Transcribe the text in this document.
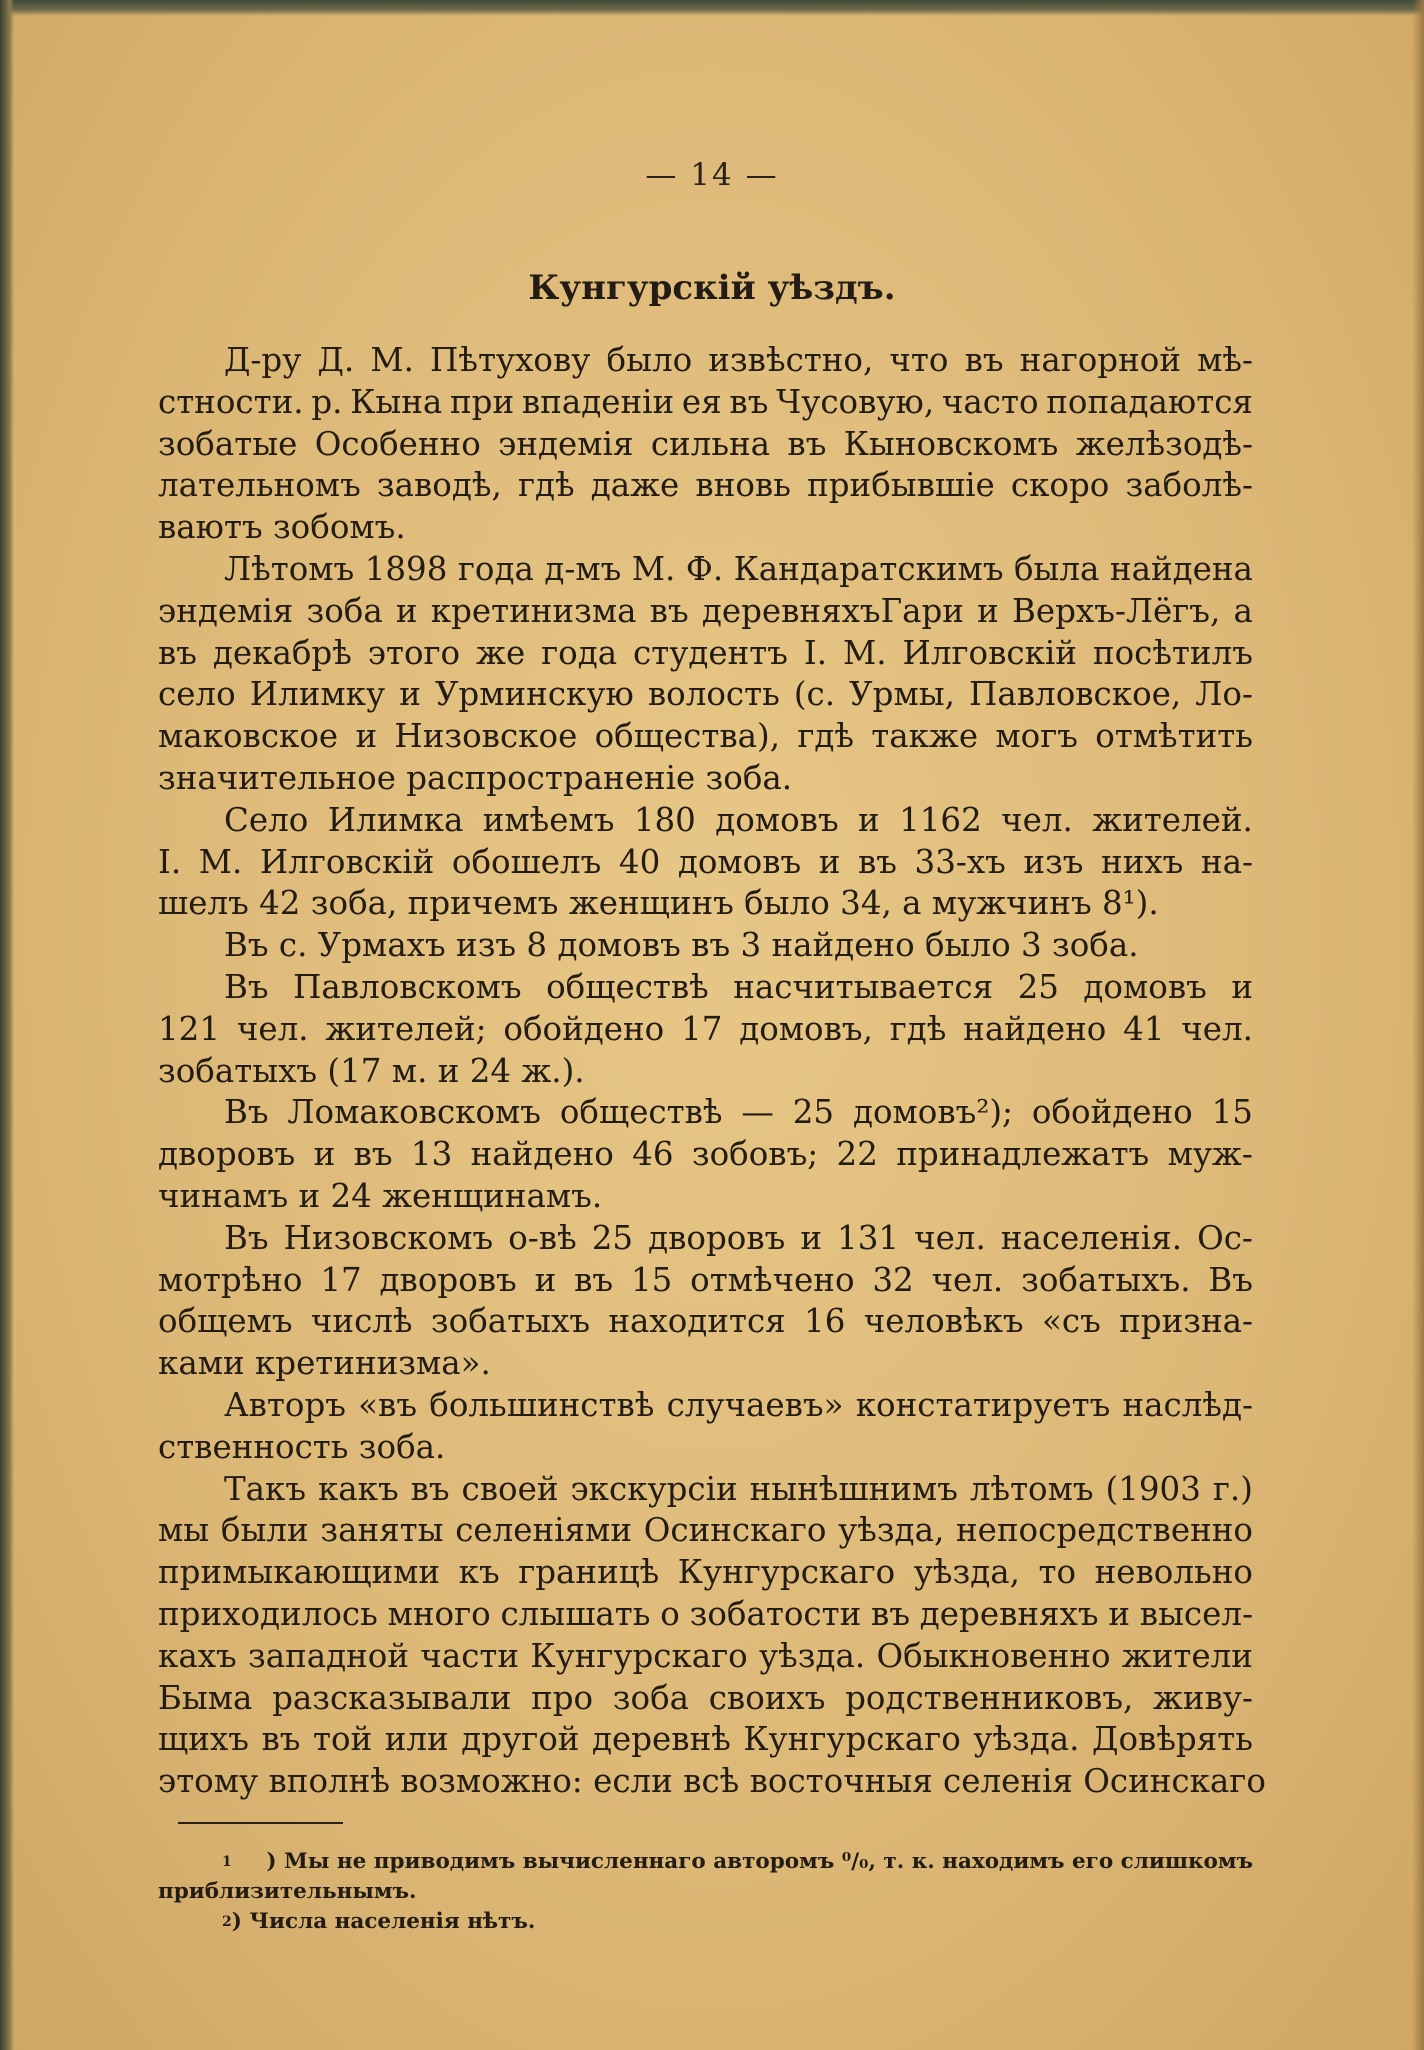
— 14 —
Кунгурскій уѣздъ.
Д-ру Д. М. Пѣтухову было извѣстно, что въ нагорной мѣ-
стности. р. Кына при впаденіи ея въ Чусовую, часто попадаются
зобатые Особенно эндемія сильна въ Кыновскомъ желѣзодѣ-
лательномъ заводѣ, гдѣ даже вновь прибывшіе скоро заболѣ-
ваютъ зобомъ.
Лѣтомъ 1898 года д-мъ М. Ф. Кандаратскимъ была найдена
эндемія зоба и кретинизма въ деревняхъГари и Верхъ-Лёгъ, а
въ декабрѣ этого же года студентъ І. М. Илговскій посѣтилъ
село Илимку и Урминскую волость (с. Урмы, Павловское, Ло-
маковское и Низовское общества), гдѣ также могъ отмѣтить
значительное распространеніе зоба.
Село Илимка имѣемъ 180 домовъ и 1162 чел. жителей.
І. М. Илговскій обошелъ 40 домовъ и въ 33-хъ изъ нихъ на-
шелъ 42 зоба, причемъ женщинъ было 34, а мужчинъ 8¹).
Въ с. Урмахъ изъ 8 домовъ въ 3 найдено было 3 зоба.
Въ Павловскомъ обществѣ насчитывается 25 домовъ и
121 чел. жителей; обойдено 17 домовъ, гдѣ найдено 41 чел.
зобатыхъ (17 м. и 24 ж.).
Въ Ломаковскомъ обществѣ — 25 домовъ²); обойдено 15
дворовъ и въ 13 найдено 46 зобовъ; 22 принадлежатъ муж-
чинамъ и 24 женщинамъ.
Въ Низовскомъ о-вѣ 25 дворовъ и 131 чел. населенія. Ос-
мотрѣно 17 дворовъ и въ 15 отмѣчено 32 чел. зобатыхъ. Въ
общемъ числѣ зобатыхъ находится 16 человѣкъ «съ призна-
ками кретинизма».
Авторъ «въ большинствѣ случаевъ» констатируетъ наслѣд-
ственность зоба.
Такъ какъ въ своей экскурсіи нынѣшнимъ лѣтомъ (1903 г.)
мы были заняты селеніями Осинскаго уѣзда, непосредственно
примыкающими къ границѣ Кунгурскаго уѣзда, то невольно
приходилось много слышать о зобатости въ деревняхъ и высел-
кахъ западной части Кунгурскаго уѣзда. Обыкновенно жители
Быма разсказывали про зоба своихъ родственниковъ, живу-
щихъ въ той или другой деревнѣ Кунгурскаго уѣзда. Довѣрять
этому вполнѣ возможно: если всѣ восточныя селенія Осинскаго
1 ) Мы не приводимъ вычисленнаго авторомъ ⁰/₀, т. к. находимъ его слишкомъ
приблизительнымъ.
2 ) Числа населенія нѣтъ.
